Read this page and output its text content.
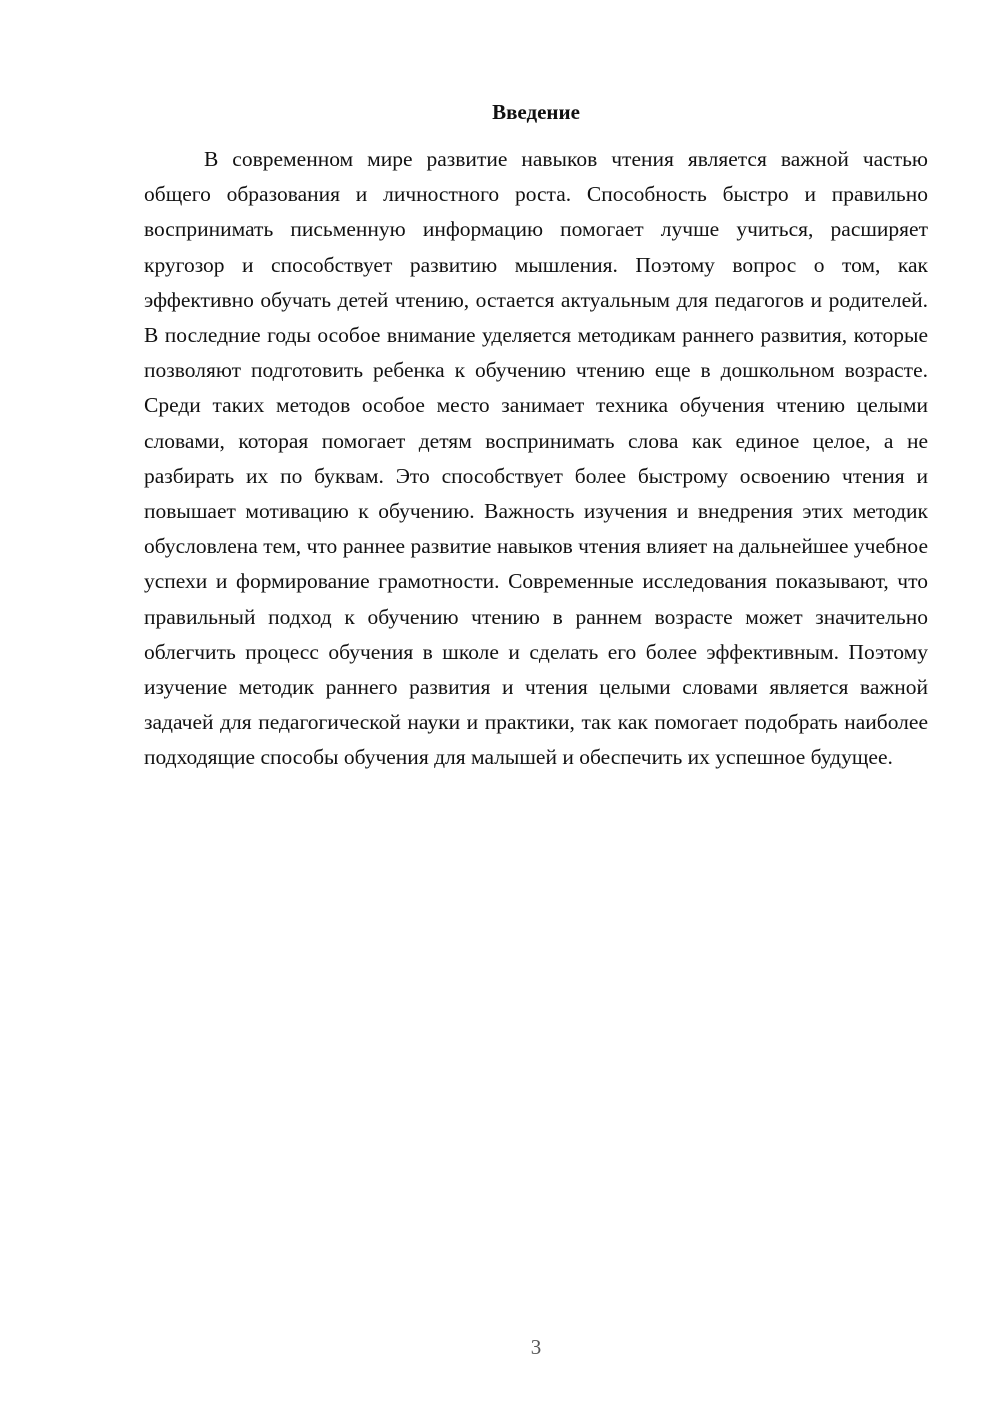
Введение

В современном мире развитие навыков чтения является важной частью общего образования и личностного роста. Способность быстро и правильно воспринимать письменную информацию помогает лучше учиться, расширяет кругозор и способствует развитию мышления. Поэтому вопрос о том, как эффективно обучать детей чтению, остается актуальным для педагогов и родителей. В последние годы особое внимание уделяется методикам раннего развития, которые позволяют подготовить ребенка к обучению чтению еще в дошкольном возрасте. Среди таких методов особое место занимает техника обучения чтению целыми словами, которая помогает детям воспринимать слова как единое целое, а не разбирать их по буквам. Это способствует более быстрому освоению чтения и повышает мотивацию к обучению. Важность изучения и внедрения этих методик обусловлена тем, что раннее развитие навыков чтения влияет на дальнейшее учебное успехи и формирование грамотности. Современные исследования показывают, что правильный подход к обучению чтению в раннем возрасте может значительно облегчить процесс обучения в школе и сделать его более эффективным. Поэтому изучение методик раннего развития и чтения целыми словами является важной задачей для педагогической науки и практики, так как помогает подобрать наиболее подходящие способы обучения для малышей и обеспечить их успешное будущее.

3
